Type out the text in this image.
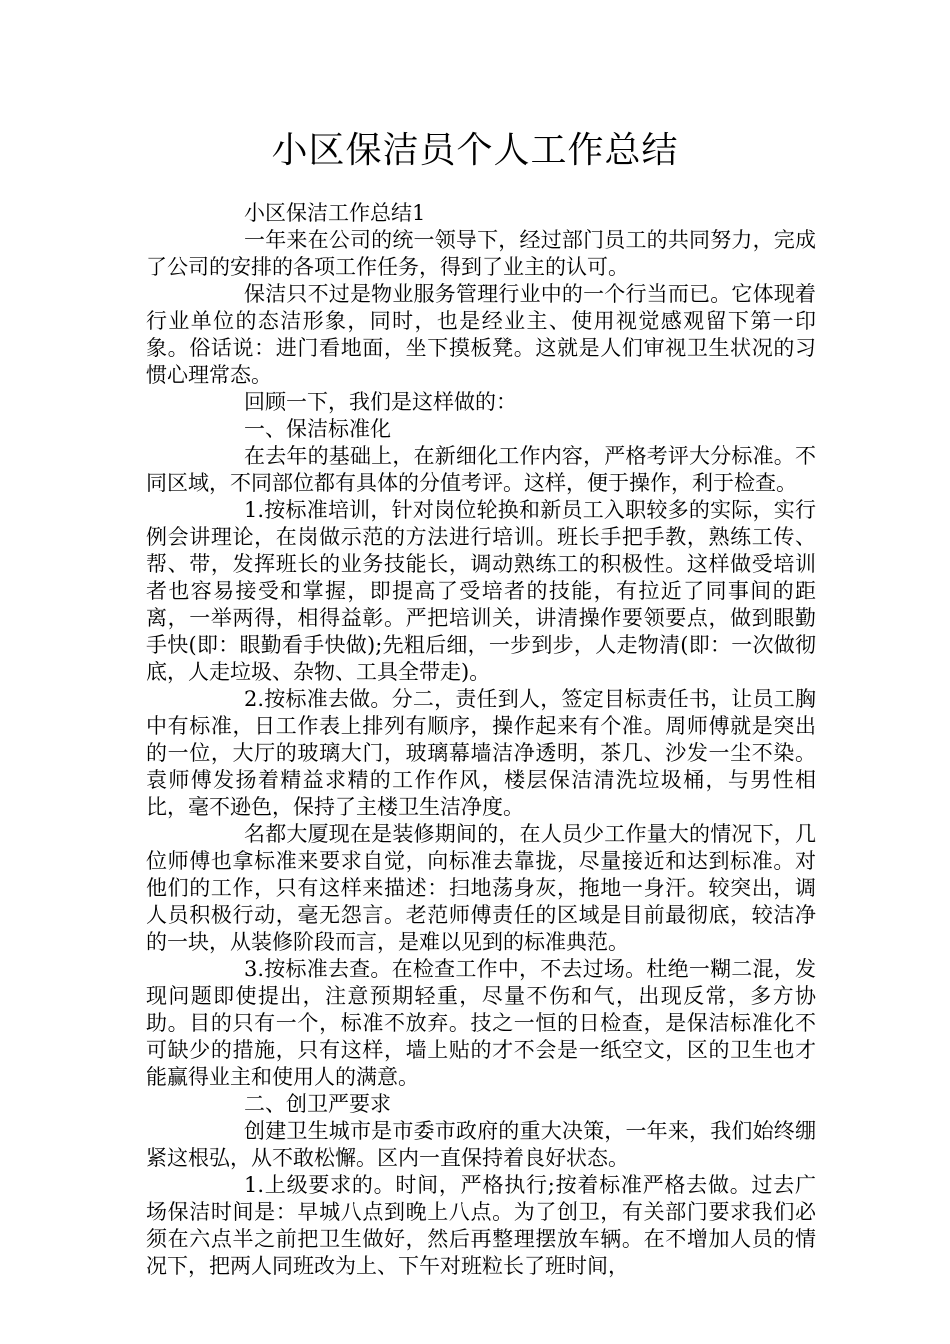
小区保洁员个人工作总结

小区保洁工作总结1

一年来在公司的统一领导下，经过部门员工的共同努力，完成了公司的安排的各项工作任务，得到了业主的认可。

保洁只不过是物业服务管理行业中的一个行当而已。它体现着行业单位的态洁形象，同时，也是经业主、使用视觉感观留下第一印象。俗话说：进门看地面，坐下摸板凳。这就是人们审视卫生状况的习惯心理常态。

回顾一下，我们是这样做的：

一、保洁标准化

在去年的基础上，在新细化工作内容，严格考评大分标准。不同区域，不同部位都有具体的分值考评。这样，便于操作，利于检查。

1.按标准培训，针对岗位轮换和新员工入职较多的实际，实行例会讲理论，在岗做示范的方法进行培训。班长手把手教，熟练工传、帮、带，发挥班长的业务技能长，调动熟练工的积极性。这样做受培训者也容易接受和掌握，即提高了受培者的技能，有拉近了同事间的距离，一举两得，相得益彰。严把培训关，讲清操作要领要点，做到眼勤手快(即：眼勤看手快做);先粗后细，一步到步，人走物清(即：一次做彻底，人走垃圾、杂物、工具全带走)。

2.按标准去做。分二，责任到人，签定目标责任书，让员工胸中有标准，日工作表上排列有顺序，操作起来有个准。周师傅就是突出的一位，大厅的玻璃大门，玻璃幕墙洁净透明，茶几、沙发一尘不染。袁师傅发扬着精益求精的工作作风，楼层保洁清洗垃圾桶，与男性相比，毫不逊色，保持了主楼卫生洁净度。

名都大厦现在是装修期间的，在人员少工作量大的情况下，几位师傅也拿标准来要求自觉，向标准去靠拢，尽量接近和达到标准。对他们的工作，只有这样来描述：扫地荡身灰，拖地一身汗。较突出，调人员积极行动，毫无怨言。老范师傅责任的区域是目前最彻底，较洁净的一块，从装修阶段而言，是难以见到的标准典范。

3.按标准去查。在检查工作中，不去过场。杜绝一糊二混，发现问题即使提出，注意预期轻重，尽量不伤和气，出现反常，多方协助。目的只有一个，标准不放弃。技之一恒的日检查，是保洁标准化不可缺少的措施，只有这样，墙上贴的才不会是一纸空文，区的卫生也才能赢得业主和使用人的满意。

二、创卫严要求

创建卫生城市是市委市政府的重大决策，一年来，我们始终绷紧这根弘，从不敢松懈。区内一直保持着良好状态。

1.上级要求的。时间，严格执行;按着标准严格去做。过去广场保洁时间是：早城八点到晚上八点。为了创卫，有关部门要求我们必须在六点半之前把卫生做好，然后再整理摆放车辆。在不增加人员的情况下，把两人同班改为上、下午对班粒长了班时间，
